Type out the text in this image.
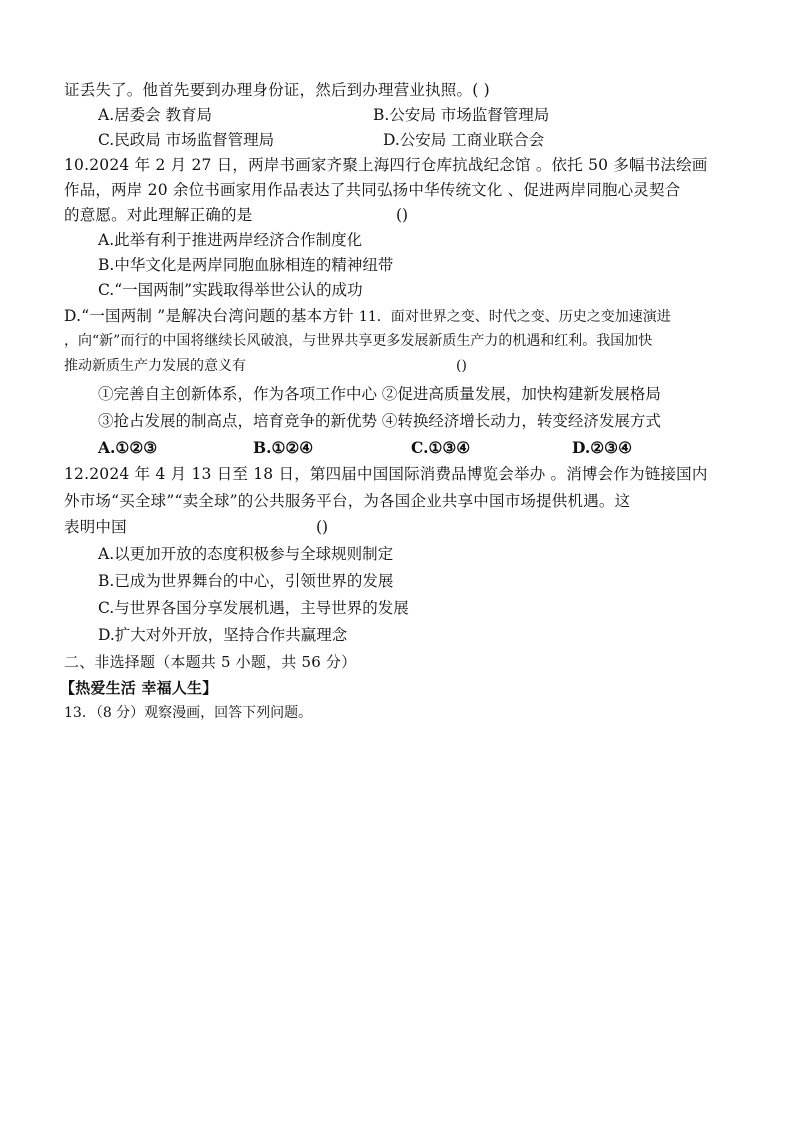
证丢失了。他首先要到办理身份证，然后到办理营业执照。( )
A.居委会 教育局	B.公安局 市场监督管理局
C.民政局 市场监督管理局	D.公安局 工商业联合会
10.2024 年 2 月 27 日，两岸书画家齐聚上海四行仓库抗战纪念馆 。依托 50 多幅书法绘画
作品，两岸 20 余位书画家用作品表达了共同弘扬中华传统文化 、促进两岸同胞心灵契合
的意愿。对此理解正确的是	()
A.此举有利于推进两岸经济合作制度化
B.中华文化是两岸同胞血脉相连的精神纽带
C.“一国两制”实践取得举世公认的成功
D.“一国两制 ”是解决台湾问题的基本方针 11．面对世界之变、时代之变、历史之变加速演进
，向“新”而行的中国将继续长风破浪，与世界共享更多发展新质生产力的机遇和红利。我国加快
推动新质生产力发展的意义有	()
①完善自主创新体系，作为各项工作中心 ②促进高质量发展，加快构建新发展格局
③抢占发展的制高点，培育竞争的新优势 ④转换经济增长动力，转变经济发展方式
A.①②③	B.①②④	C.①③④	D.②③④
12.2024 年 4 月 13 日至 18 日，第四届中国国际消费品博览会举办 。消博会作为链接国内
外市场“买全球”“卖全球”的公共服务平台，为各国企业共享中国市场提供机遇。这
表明中国	()
A.以更加开放的态度积极参与全球规则制定
B.已成为世界舞台的中心，引领世界的发展
C.与世界各国分享发展机遇，主导世界的发展
D.扩大对外开放，坚持合作共赢理念
二、非选择题（本题共 5 小题，共 56 分）
【热爱生活 幸福人生】
13．（8 分）观察漫画，回答下列问题。
